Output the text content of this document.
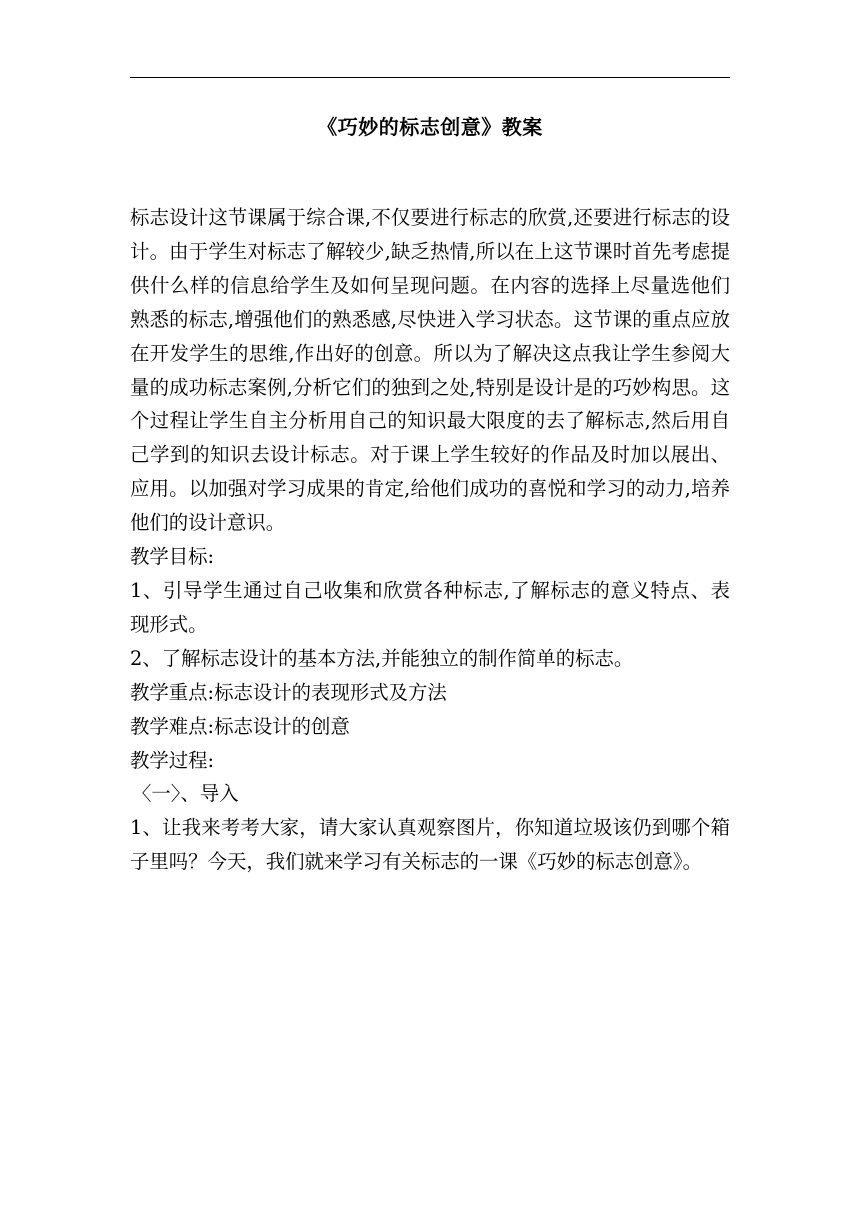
《巧妙的标志创意》教案

标志设计这节课属于综合课,不仅要进行标志的欣赏,还要进行标志的设计。由于学生对标志了解较少,缺乏热情,所以在上这节课时首先考虑提供什么样的信息给学生及如何呈现问题。在内容的选择上尽量选他们熟悉的标志,增强他们的熟悉感,尽快进入学习状态。这节课的重点应放在开发学生的思维,作出好的创意。所以为了解决这点我让学生参阅大量的成功标志案例,分析它们的独到之处,特别是设计是的巧妙构思。这个过程让学生自主分析用自己的知识最大限度的去了解标志,然后用自己学到的知识去设计标志。对于课上学生较好的作品及时加以展出、应用。以加强对学习成果的肯定,给他们成功的喜悦和学习的动力,培养他们的设计意识。

教学目标:

1、引导学生通过自己收集和欣赏各种标志,了解标志的意义特点、表现形式。

2、了解标志设计的基本方法,并能独立的制作简单的标志。

教学重点:标志设计的表现形式及方法

教学难点:标志设计的创意

教学过程:

〈一〉、导入

1、让我来考考大家，请大家认真观察图片，你知道垃圾该仍到哪个箱子里吗？今天，我们就来学习有关标志的一课《巧妙的标志创意》。
